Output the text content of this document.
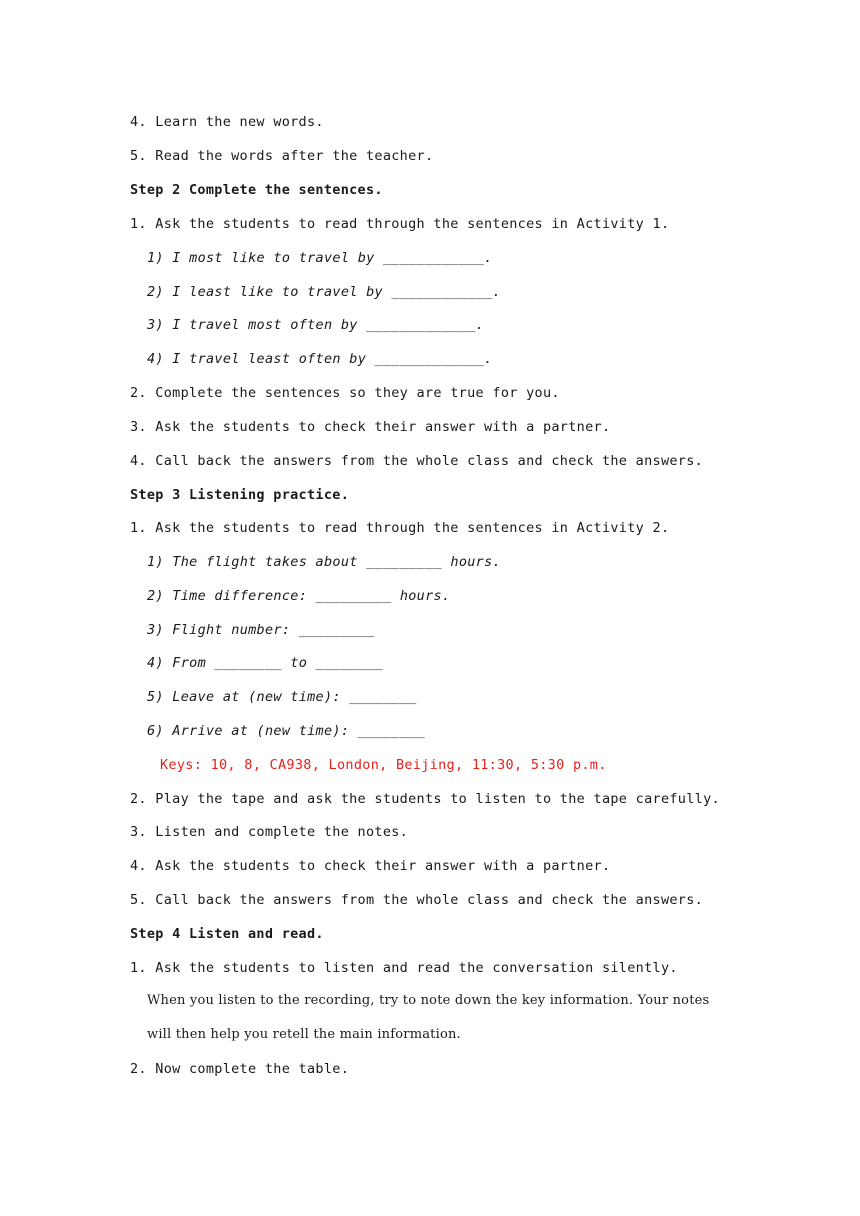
4. Learn the new words.
5. Read the words after the teacher.
Step 2 Complete the sentences.
1. Ask the students to read through the sentences in Activity 1.
1) I most like to travel by ____________.
2) I least like to travel by ____________.
3) I travel most often by _____________.
4) I travel least often by _____________.
2. Complete the sentences so they are true for you.
3. Ask the students to check their answer with a partner.
4. Call back the answers from the whole class and check the answers.
Step 3 Listening practice.
1. Ask the students to read through the sentences in Activity 2.
1) The flight takes about _________ hours.
2) Time difference: _________ hours.
3) Flight number: _________
4) From ________ to ________
5) Leave at (new time): ________
6) Arrive at (new time): ________
Keys: 10, 8, CA938, London, Beijing, 11:30, 5:30 p.m.
2. Play the tape and ask the students to listen to the tape carefully.
3. Listen and complete the notes.
4. Ask the students to check their answer with a partner.
5. Call back the answers from the whole class and check the answers.
Step 4 Listen and read.
1. Ask the students to listen and read the conversation silently.
When you listen to the recording, try to note down the key information. Your notes
will then help you retell the main information.
2. Now complete the table.
